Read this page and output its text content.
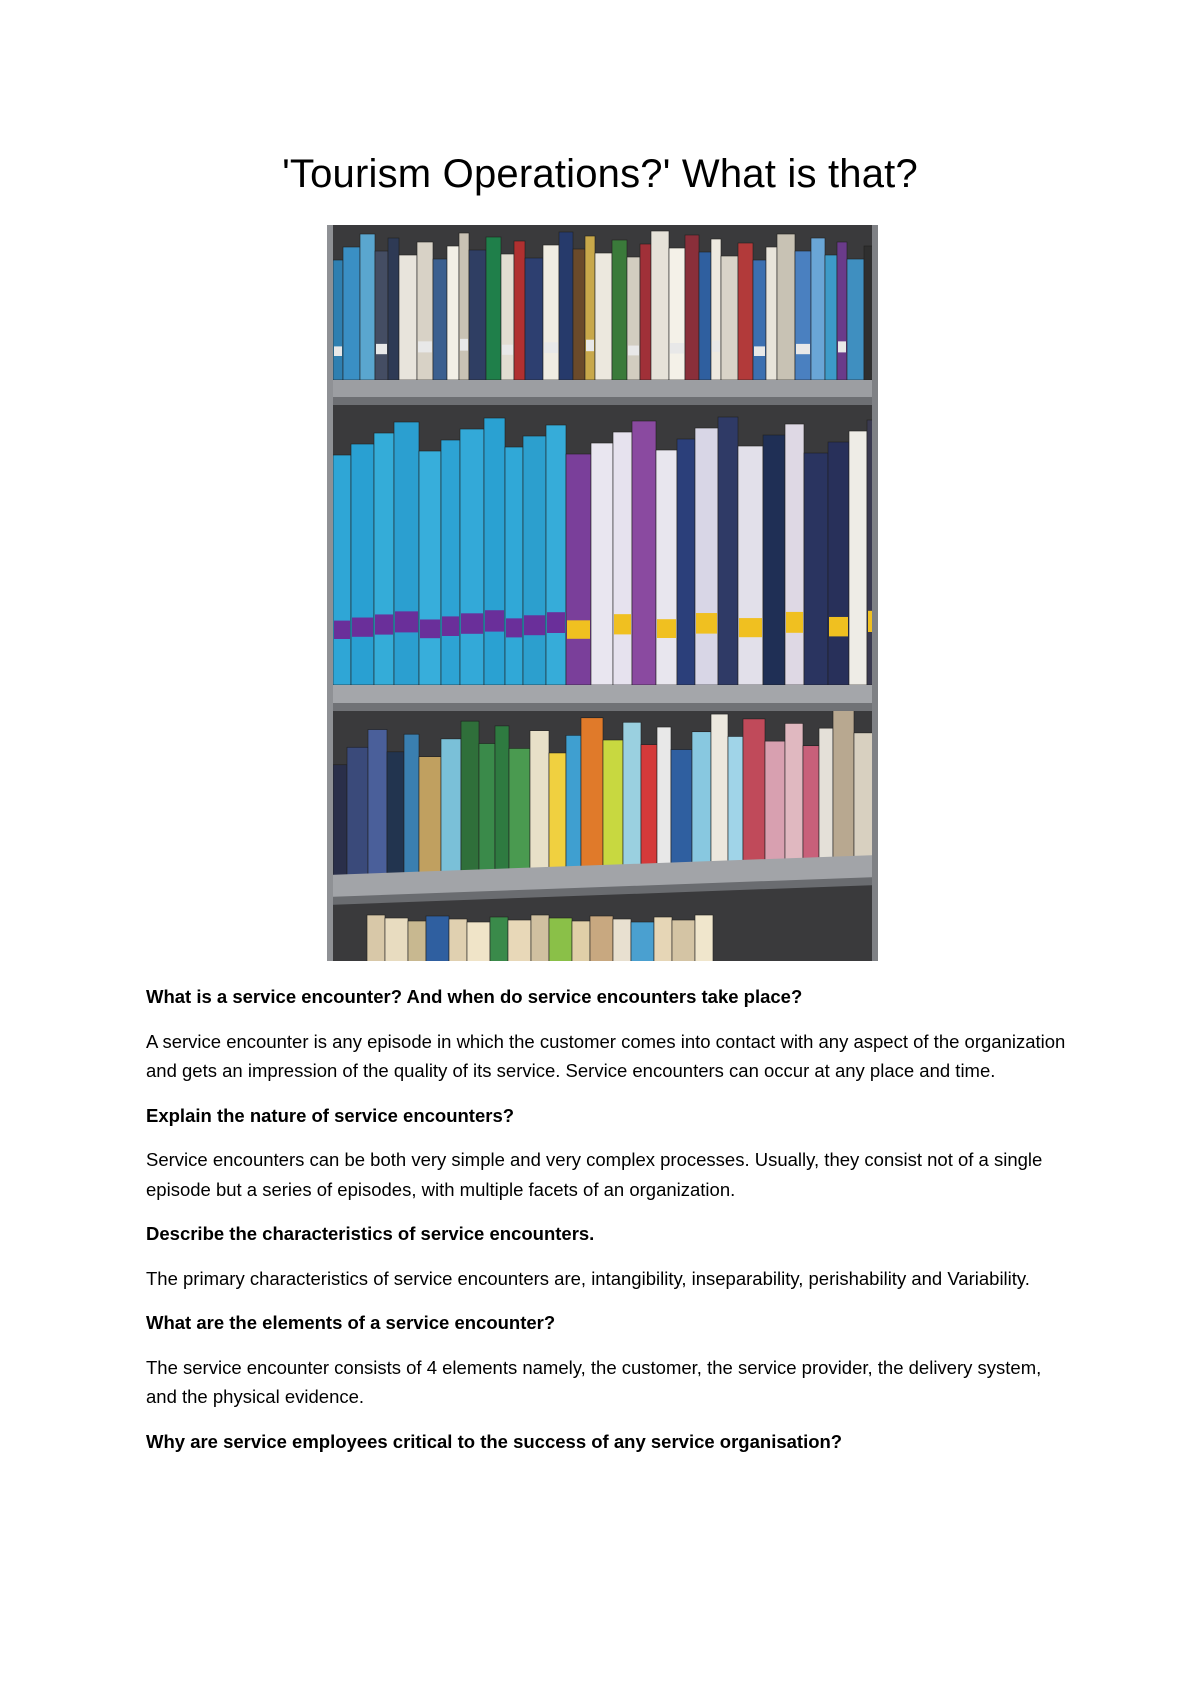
'Tourism Operations?' What is that?

What is a service encounter? And when do service encounters take place?

A service encounter is any episode in which the customer comes into contact with any aspect of the organization and gets an impression of the quality of its service. Service encounters can occur at any place and time.

Explain the nature of service encounters?

Service encounters can be both very simple and very complex processes. Usually, they consist not of a single episode but a series of episodes, with multiple facets of an organization.

Describe the characteristics of service encounters.

The primary characteristics of service encounters are, intangibility, inseparability, perishability and Variability.

What are the elements of a service encounter?

The service encounter consists of 4 elements namely, the customer, the service provider, the delivery system, and the physical evidence.

Why are service employees critical to the success of any service organisation?
